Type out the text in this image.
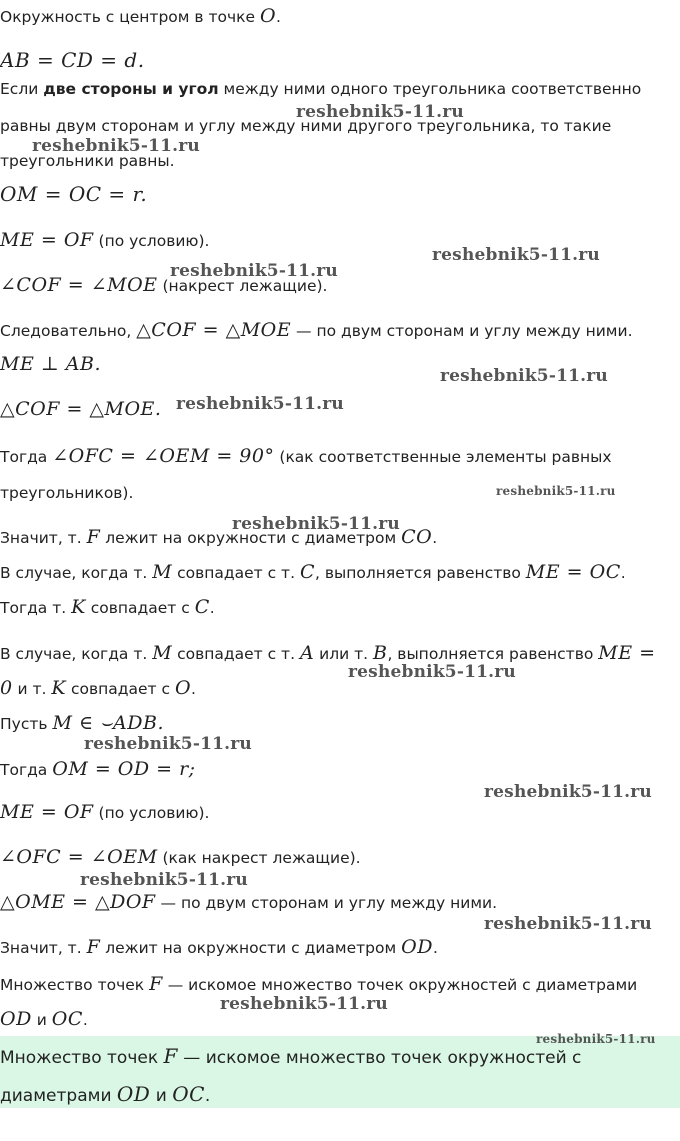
Окружность с центром в точке O.
AB = CD = d.
Если две стороны и угол между ними одного треугольника соответственно
равны двум сторонам и углу между ними другого треугольника, то такие
треугольники равны.
OM = OC = r.
ME = OF (по условию).
∠COF = ∠MOE (накрест лежащие).
Следовательно, △COF = △MOE — по двум сторонам и углу между ними.
ME ⊥ AB.
△COF = △MOE.
Тогда ∠OFC = ∠OEM = 90° (как соответственные элементы равных
треугольников).
Значит, т. F лежит на окружности с диаметром CO.
В случае, когда т. M совпадает с т. C, выполняется равенство ME = OC.
Тогда т. K совпадает с C.
В случае, когда т. M совпадает с т. A или т. B, выполняется равенство ME =
0 и т. K совпадает с O.
Пусть M ∈ ⌣ADB.
Тогда OM = OD = r;
ME = OF (по условию).
∠OFC = ∠OEM (как накрест лежащие).
△OME = △DOF — по двум сторонам и углу между ними.
Значит, т. F лежит на окружности с диаметром OD.
Множество точек F — искомое множество точек окружностей с диаметрами
OD и OC.
Множество точек F — искомое множество точек окружностей с
диаметрами OD и OC.
reshebnik5-11.ru
reshebnik5-11.ru
reshebnik5-11.ru
reshebnik5-11.ru
reshebnik5-11.ru
reshebnik5-11.ru
reshebnik5-11.ru
reshebnik5-11.ru
reshebnik5-11.ru
reshebnik5-11.ru
reshebnik5-11.ru
reshebnik5-11.ru
reshebnik5-11.ru
reshebnik5-11.ru
reshebnik5-11.ru
